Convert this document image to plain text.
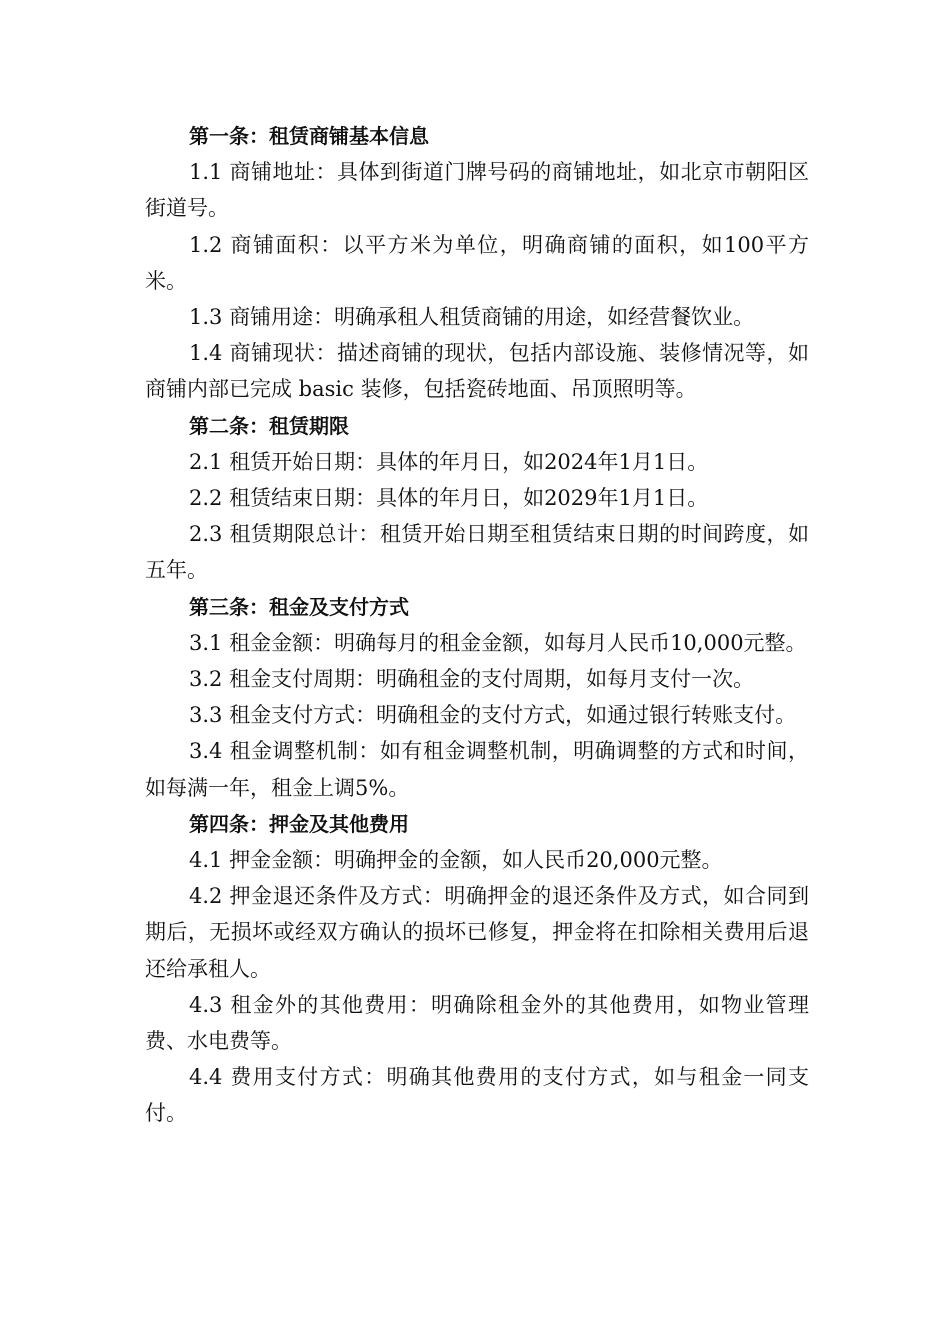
第一条：租赁商铺基本信息

1.1 商铺地址：具体到街道门牌号码的商铺地址，如北京市朝阳区街道号。

1.2 商铺面积：以平方米为单位，明确商铺的面积，如100平方米。

1.3 商铺用途：明确承租人租赁商铺的用途，如经营餐饮业。

1.4 商铺现状：描述商铺的现状，包括内部设施、装修情况等，如商铺内部已完成 basic 装修，包括瓷砖地面、吊顶照明等。

第二条：租赁期限

2.1 租赁开始日期：具体的年月日，如2024年1月1日。

2.2 租赁结束日期：具体的年月日，如2029年1月1日。

2.3 租赁期限总计：租赁开始日期至租赁结束日期的时间跨度，如五年。

第三条：租金及支付方式

3.1 租金金额：明确每月的租金金额，如每月人民币10,000元整。

3.2 租金支付周期：明确租金的支付周期，如每月支付一次。

3.3 租金支付方式：明确租金的支付方式，如通过银行转账支付。

3.4 租金调整机制：如有租金调整机制，明确调整的方式和时间，如每满一年，租金上调5%。

第四条：押金及其他费用

4.1 押金金额：明确押金的金额，如人民币20,000元整。

4.2 押金退还条件及方式：明确押金的退还条件及方式，如合同到期后，无损坏或经双方确认的损坏已修复，押金将在扣除相关费用后退还给承租人。

4.3 租金外的其他费用：明确除租金外的其他费用，如物业管理费、水电费等。

4.4 费用支付方式：明确其他费用的支付方式，如与租金一同支付。
